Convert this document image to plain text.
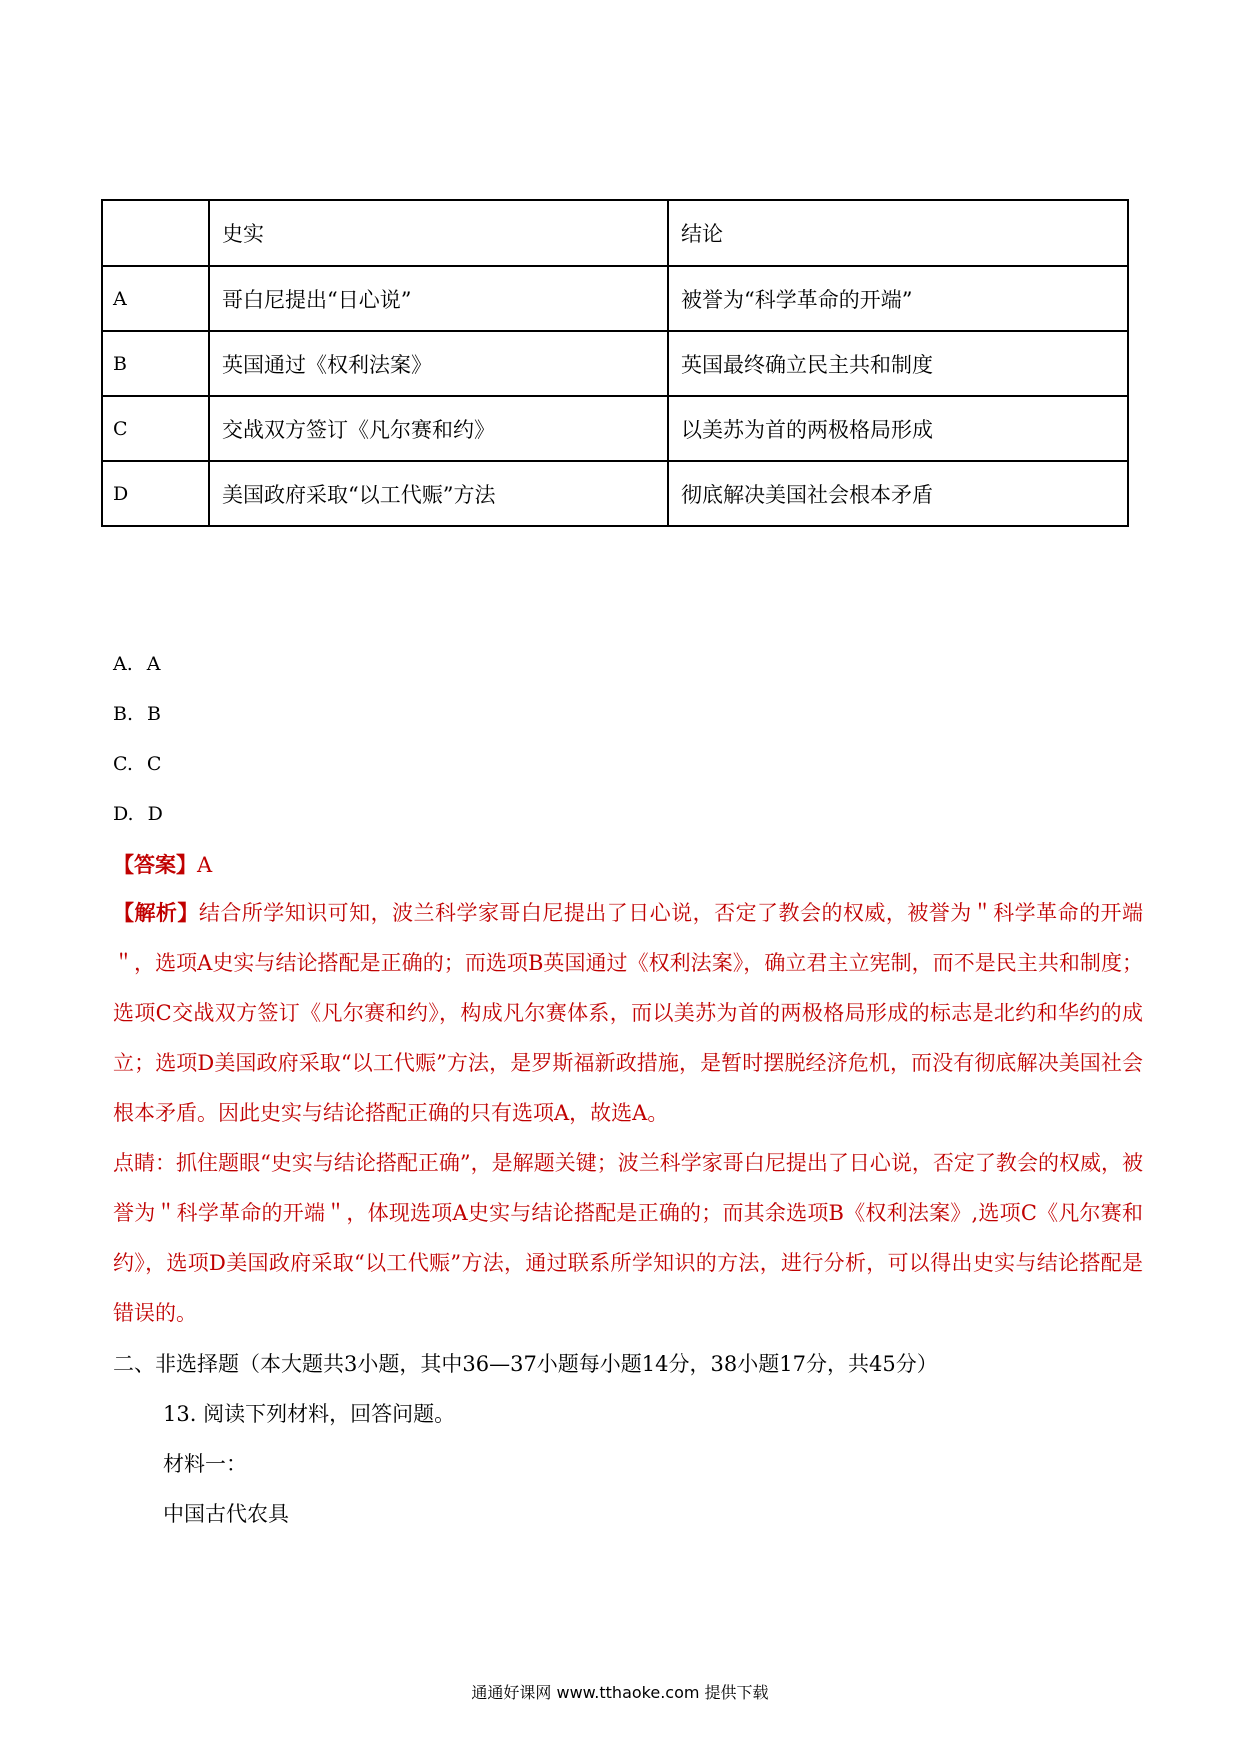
	史实	结论
A	哥白尼提出“日心说”	被誉为“科学革命的开端”
B	英国通过《权利法案》	英国最终确立民主共和制度
C	交战双方签订《凡尔赛和约》	以美苏为首的两极格局形成
D	美国政府采取“以工代赈”方法	彻底解决美国社会根本矛盾
A. A
B. B
C. C
D. D
【答案】A
【解析】结合所学知识可知，波兰科学家哥白尼提出了日心说，否定了教会的权威，被誉为＂科学革命的开端＂，选项A史实与结论搭配是正确的；而选项B英国通过《权利法案》，确立君主立宪制，而不是民主共和制度；选项C交战双方签订《凡尔赛和约》，构成凡尔赛体系，而以美苏为首的两极格局形成的标志是北约和华约的成立；选项D美国政府采取“以工代赈”方法，是罗斯福新政措施，是暂时摆脱经济危机，而没有彻底解决美国社会根本矛盾。因此史实与结论搭配正确的只有选项A，故选A。
点睛：抓住题眼“史实与结论搭配正确”，是解题关键；波兰科学家哥白尼提出了日心说，否定了教会的权威，被誉为＂科学革命的开端＂，体现选项A史实与结论搭配是正确的；而其余选项B《权利法案》,选项C《凡尔赛和约》，选项D美国政府采取“以工代赈”方法，通过联系所学知识的方法，进行分析，可以得出史实与结论搭配是错误的。
二、非选择题（本大题共3小题，其中36—37小题每小题14分，38小题17分，共45分）
13. 阅读下列材料，回答问题。
材料一：
中国古代农具
通通好课网 www.tthaoke.com 提供下载
